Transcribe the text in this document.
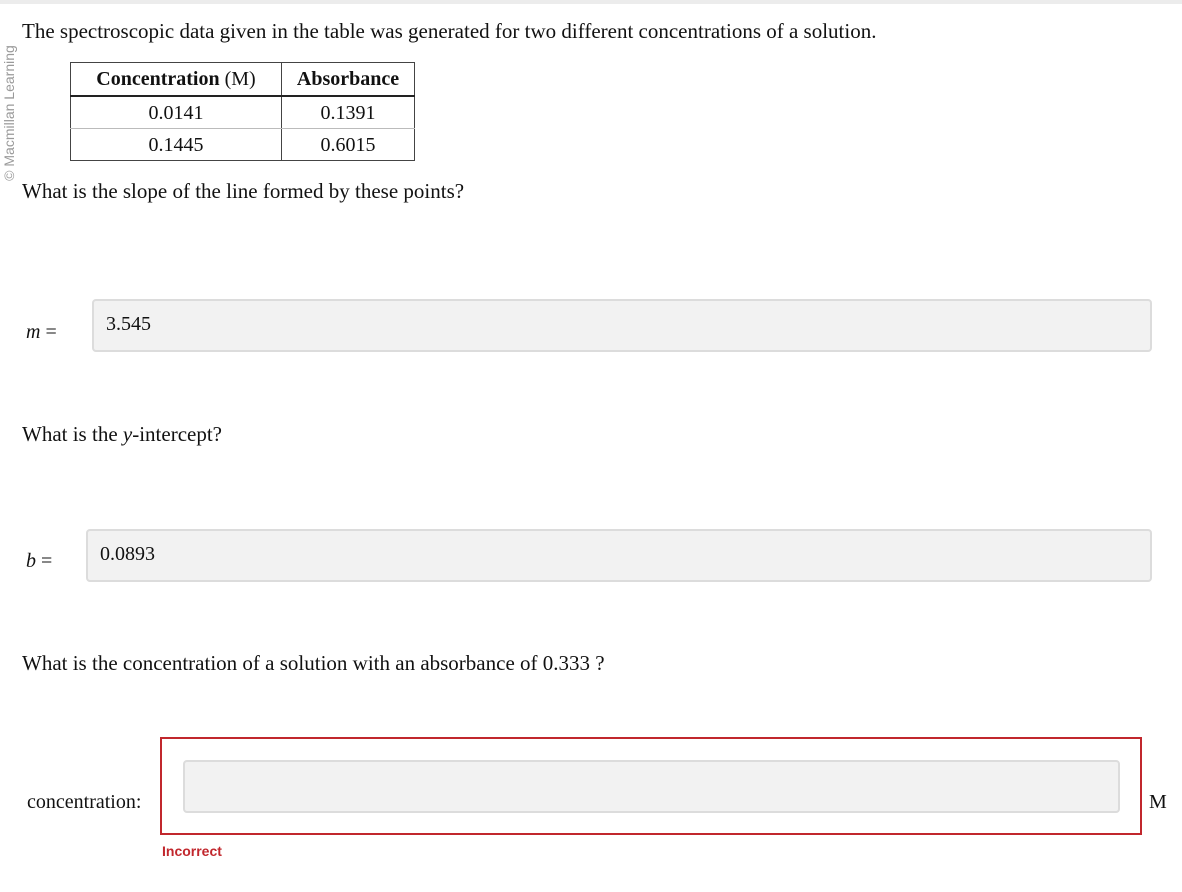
© Macmillan Learning
The spectroscopic data given in the table was generated for two different concentrations of a solution.
Concentration (M)	Absorbance
0.0141	0.1391
0.1445	0.6015
What is the slope of the line formed by these points?
m =	3.545
What is the y-intercept?
b =	0.0893
What is the concentration of a solution with an absorbance of 0.333 ?
concentration:	M
Incorrect
